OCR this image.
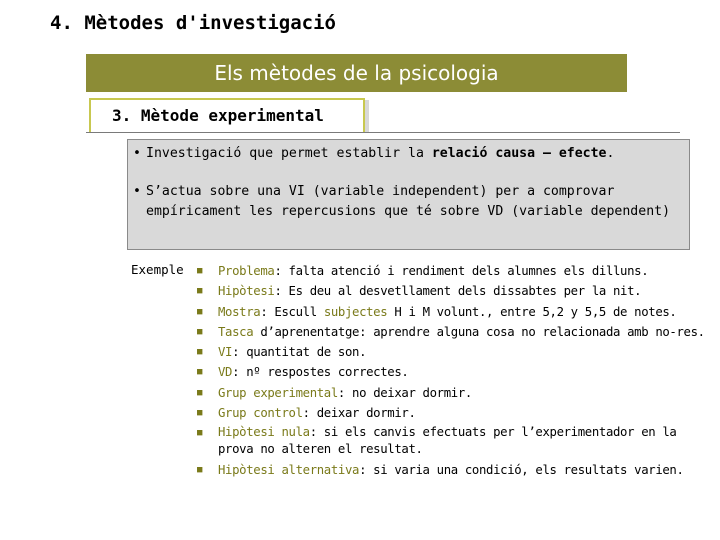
4. Mètodes d'investigació
Els mètodes de la psicologia
3. Mètode experimental
• Investigació que permet establir la relació causa – efecte.
• S’actua sobre una VI (variable independent) per a comprovar empíricament les repercusions que té sobre VD (variable dependent)
Exemple ■	Problema: falta atenció i rendiment dels alumnes els dilluns.
■	Hipòtesi: Es deu al desvetllament dels dissabtes per la nit.
■	Mostra: Escull subjectes H i M volunt., entre 5,2 y 5,5 de notes.
■	Tasca d’aprenentatge: aprendre alguna cosa no relacionada amb no-res.
■	VI: quantitat de son.
■	VD: nº respostes correctes.
■	Grup experimental: no deixar dormir.
■	Grup control: deixar dormir.
■	Hipòtesi nula: si els canvis efectuats per l’experimentador en la prova no alteren el resultat.
■	Hipòtesi alternativa: si varia una condició, els resultats varien.
